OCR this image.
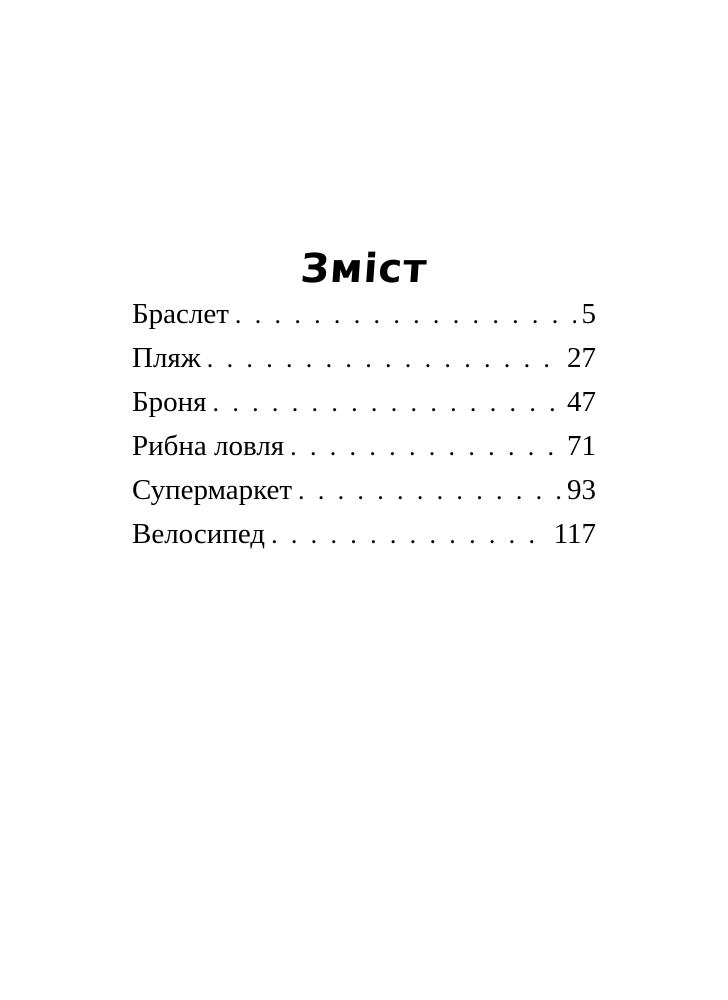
Зміст
Браслет . . .	5
Пляж . . .	27
Броня . . .	47
Рибна ловля . . .	71
Супермаркет . . .	93
Велосипед . . .	117
